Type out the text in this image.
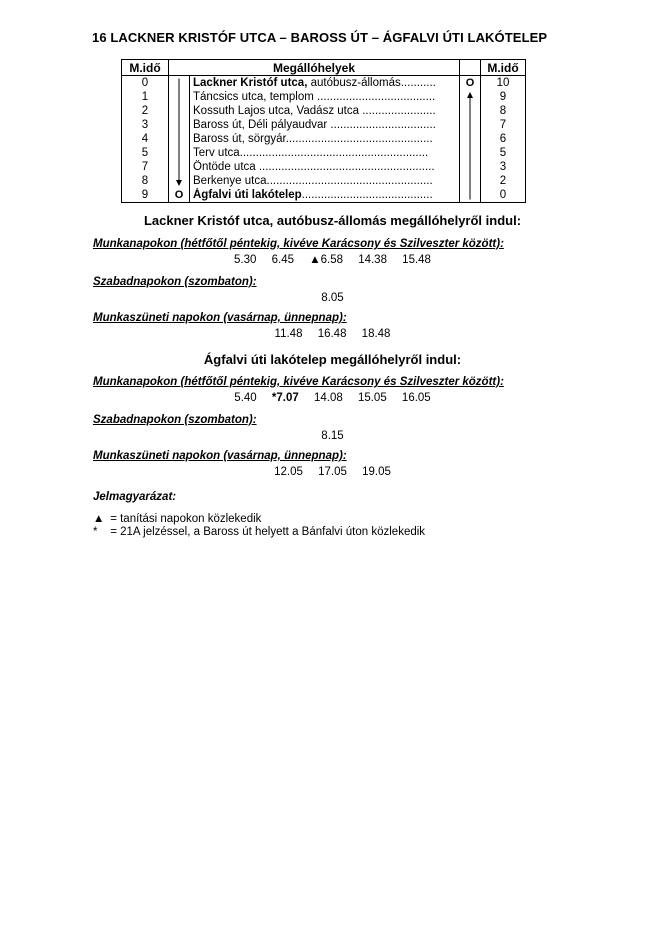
16 LACKNER KRISTÓF UTCA – BAROSS ÚT – ÁGFALVI ÚTI LAKÓTELEP
M.idő	Megállóhelyek			M.idő
0		Lackner Kristóf utca, autóbusz-állomás...........	O	10
1		Táncsics utca, templom .....................................		9
2		Kossuth Lajos utca, Vadász utca .......................		8
3		Baross út, Déli pályaudvar .................................		7
4		Baross út, sörgyár..............................................		6
5		Terv utca...........................................................		5
7		Öntöde utca .......................................................		3
8		Berkenye utca....................................................		2
9	O	Ágfalvi úti lakótelep.........................................		0
Lackner Kristóf utca, autóbusz-állomás megállóhelyről indul:
Munkanapokon (hétfőtől péntekig, kivéve Karácsony és Szilveszter között):
5.30 6.45 ▲6.58 14.38 15.48
Szabadnapokon (szombaton):
8.05
Munkaszüneti napokon (vasárnap, ünnepnap):
11.48 16.48 18.48
Ágfalvi úti lakótelep megállóhelyről indul:
Munkanapokon (hétfőtől péntekig, kivéve Karácsony és Szilveszter között):
5.40 *7.07 14.08 15.05 16.05
Szabadnapokon (szombaton):
8.15
Munkaszüneti napokon (vasárnap, ünnepnap):
12.05 17.05 19.05
Jelmagyarázat:
▲ = tanítási napokon közlekedik
* = 21A jelzéssel, a Baross út helyett a Bánfalvi úton közlekedik
